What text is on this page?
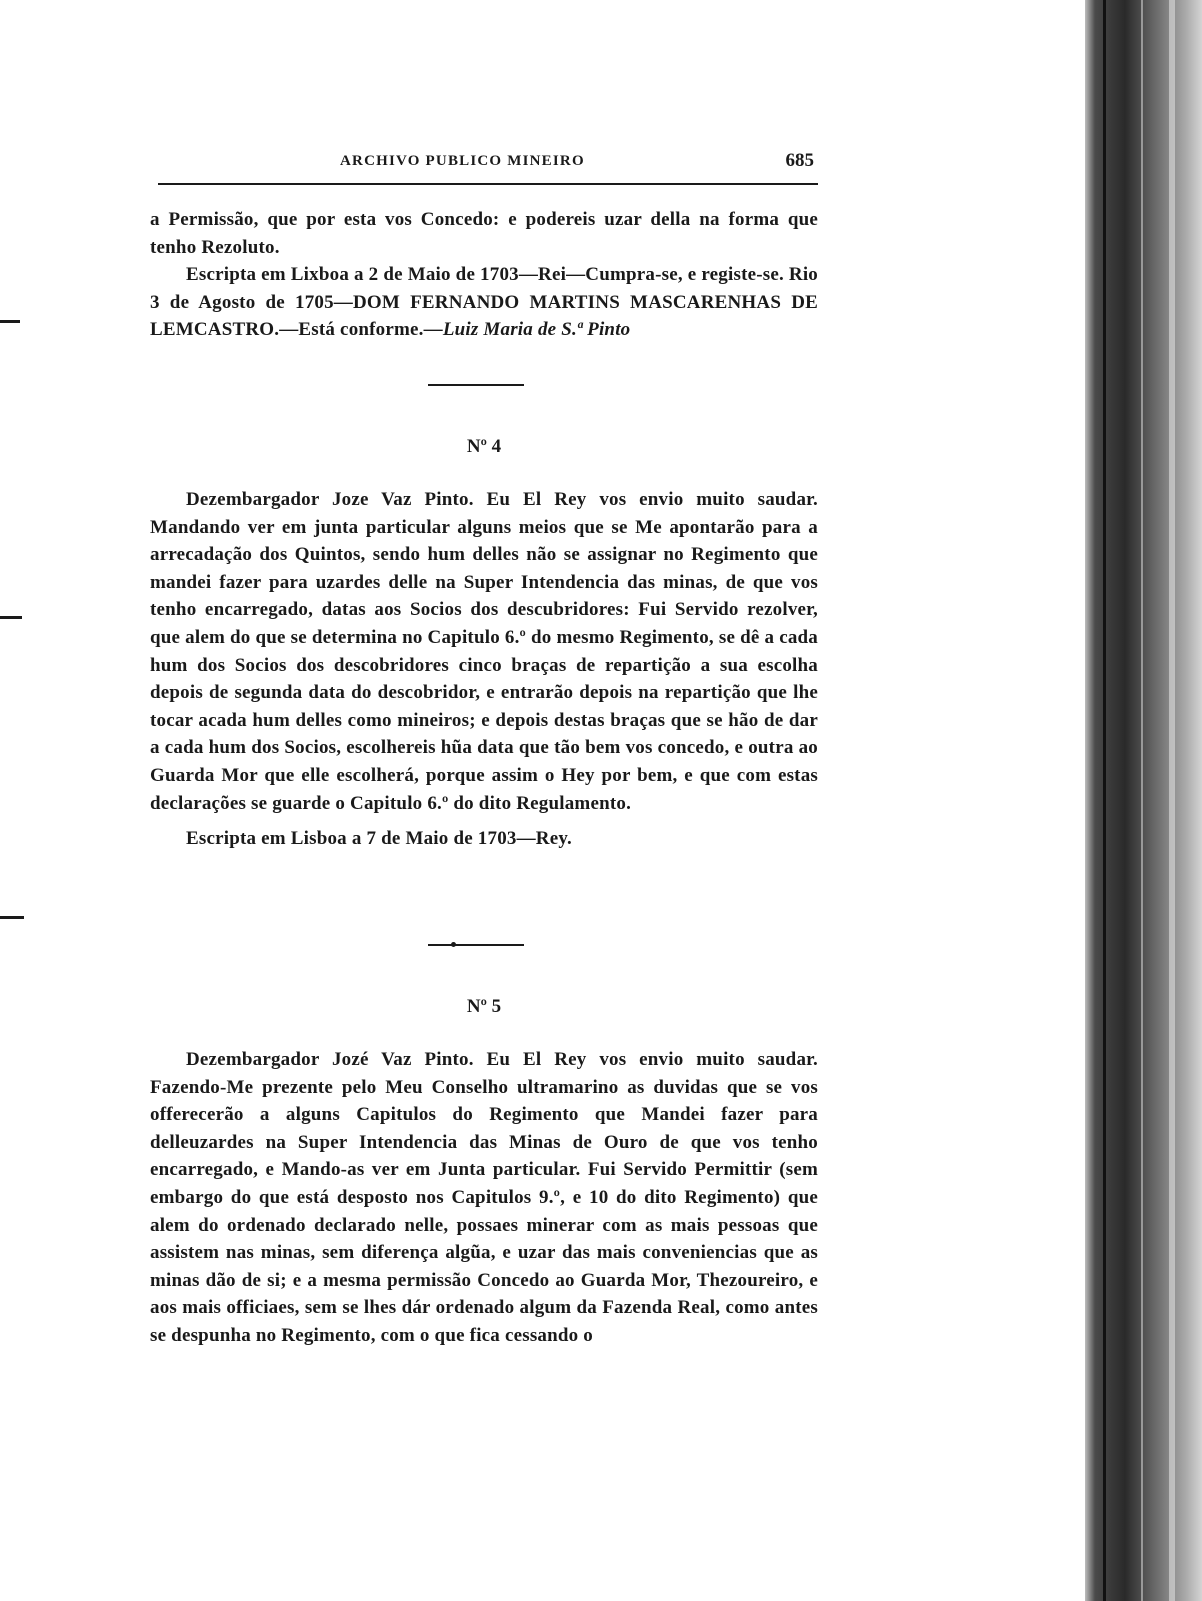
ARCHIVO PUBLICO MINEIRO	685

a Permissão, que por esta vos Concedo: e podereis uzar della na forma que tenho Rezoluto.

Escripta em Lixboa a 2 de Maio de 1703—Rei—Cumpra-se, e registe-se. Rio 3 de Agosto de 1705—DOM FERNANDO MARTINS MASCARENHAS DE LEMCASTRO.—Está conforme.—Luiz Maria de S.ª Pinto

Nº 4

Dezembargador Joze Vaz Pinto. Eu El Rey vos envio muito saudar. Mandando ver em junta particular alguns meios que se Me apontarão para a arrecadação dos Quintos, sendo hum delles não se assignar no Regimento que mandei fazer para uzardes delle na Super Intendencia das minas, de que vos tenho encarregado, datas aos Socios dos descubridores: Fui Servido rezolver, que alem do que se determina no Capitulo 6.º do mesmo Regimento, se dê a cada hum dos Socios dos descobridores cinco braças de repartição a sua escolha depois de segunda data do descobridor, e entrarão depois na repartição que lhe tocar acada hum delles como mineiros; e depois destas braças que se hão de dar a cada hum dos Socios, escolhereis hũa data que tão bem vos concedo, e outra ao Guarda Mor que elle escolherá, porque assim o Hey por bem, e que com estas declarações se guarde o Capitulo 6.º do dito Regulamento.

Escripta em Lisboa a 7 de Maio de 1703—Rey.

Nº 5

Dezembargador Jozé Vaz Pinto. Eu El Rey vos envio muito saudar. Fazendo-Me prezente pelo Meu Conselho ultramarino as duvidas que se vos offerecerão a alguns Capitulos do Regimento que Mandei fazer para delleuzardes na Super Intendencia das Minas de Ouro de que vos tenho encarregado, e Mando-as ver em Junta particular. Fui Servido Permittir (sem embargo do que está desposto nos Capitulos 9.º, e 10 do dito Regimento) que alem do ordenado declarado nelle, possaes minerar com as mais pessoas que assistem nas minas, sem diferença algũa, e uzar das mais conveniencias que as minas dão de si; e a mesma permissão Concedo ao Guarda Mor, Thezoureiro, e aos mais officiaes, sem se lhes dár ordenado algum da Fazenda Real, como antes se despunha no Regimento, com o que fica cessando o
